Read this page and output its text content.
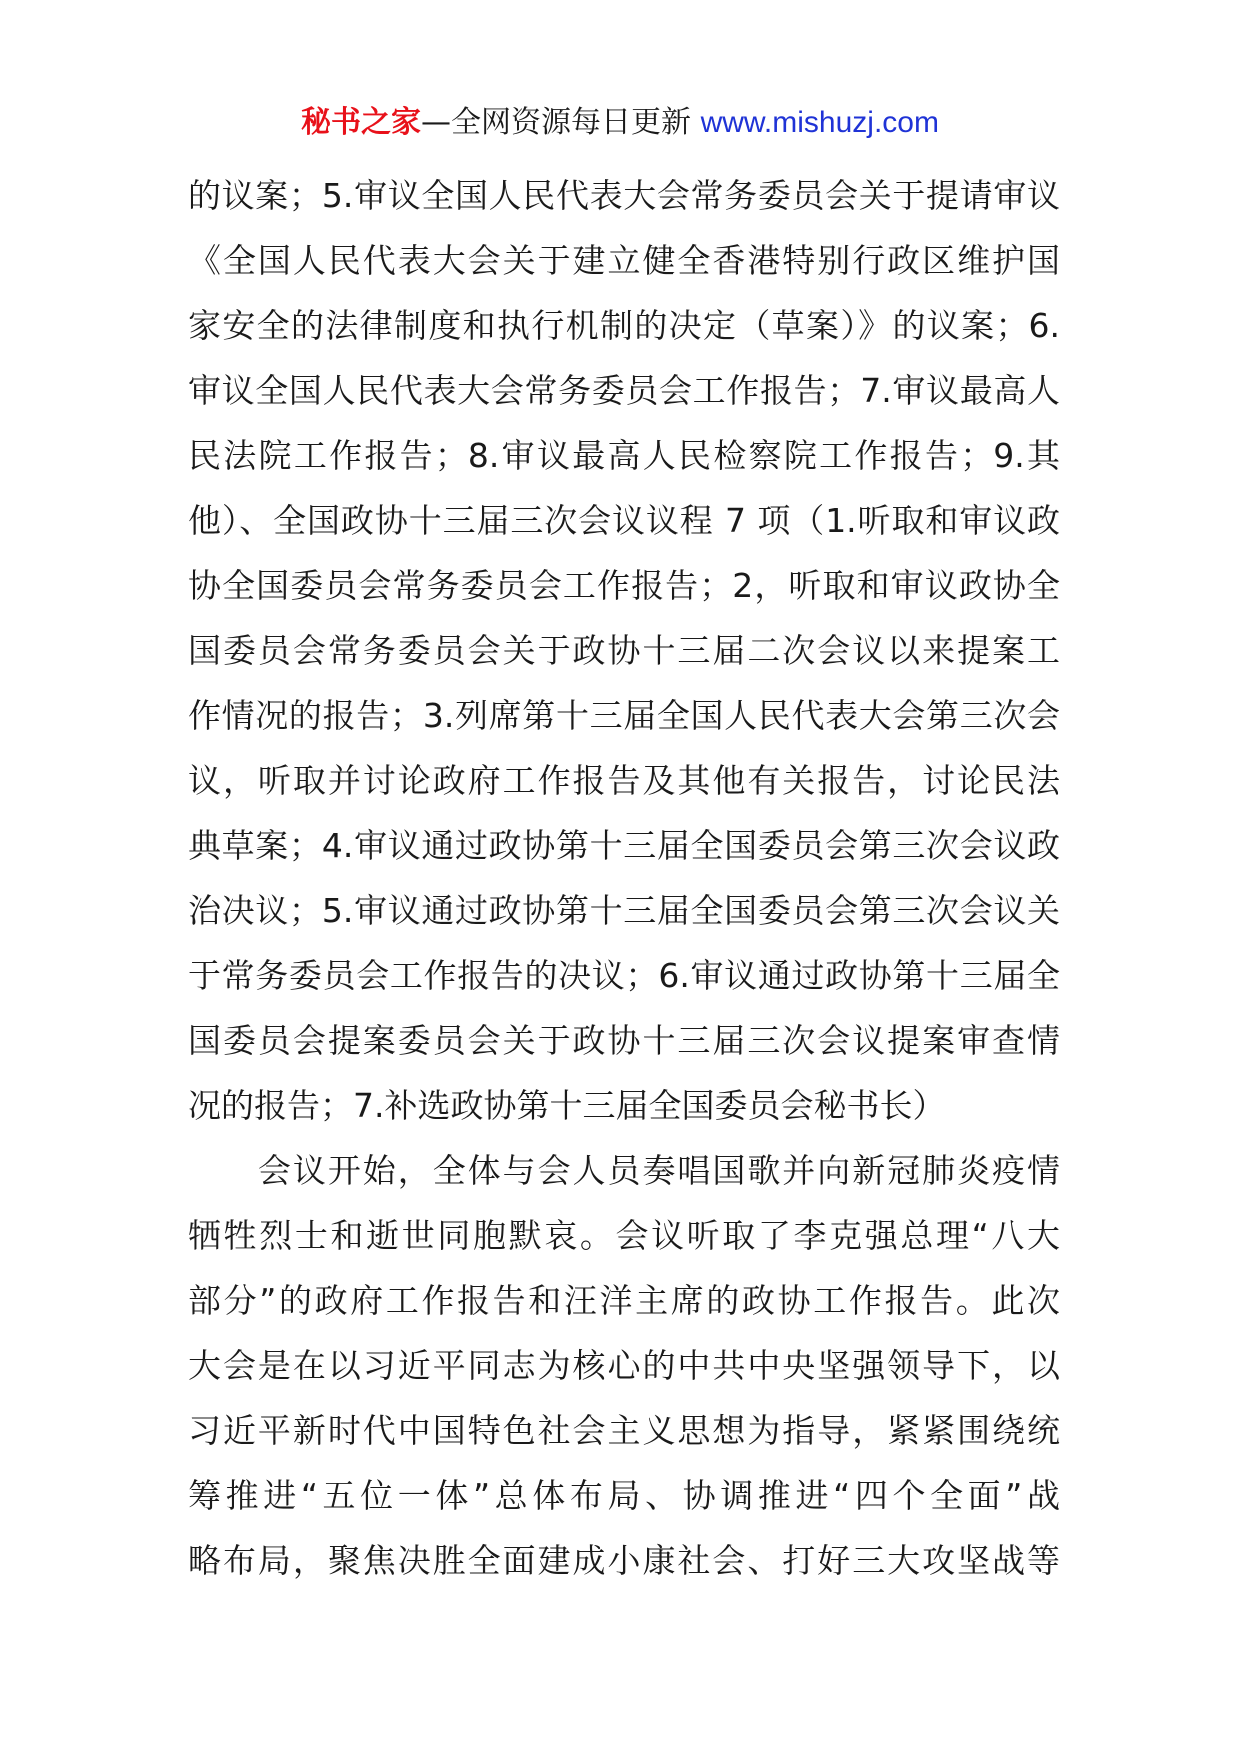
秘书之家—全网资源每日更新 www.mishuzj.com
的议案；5.审议全国人民代表大会常务委员会关于提请审议
《全国人民代表大会关于建立健全香港特别行政区维护国
家安全的法律制度和执行机制的决定（草案）》的议案；6.
审议全国人民代表大会常务委员会工作报告；7.审议最高人
民法院工作报告；8.审议最高人民检察院工作报告；9.其
他）、全国政协十三届三次会议议程 7 项（1.听取和审议政
协全国委员会常务委员会工作报告；2，听取和审议政协全
国委员会常务委员会关于政协十三届二次会议以来提案工
作情况的报告；3.列席第十三届全国人民代表大会第三次会
议，听取并讨论政府工作报告及其他有关报告，讨论民法
典草案；4.审议通过政协第十三届全国委员会第三次会议政
治决议；5.审议通过政协第十三届全国委员会第三次会议关
于常务委员会工作报告的决议；6.审议通过政协第十三届全
国委员会提案委员会关于政协十三届三次会议提案审查情
况的报告；7.补选政协第十三届全国委员会秘书长）
　　会议开始，全体与会人员奏唱国歌并向新冠肺炎疫情
牺牲烈士和逝世同胞默哀。会议听取了李克强总理“八大
部分”的政府工作报告和汪洋主席的政协工作报告。此次
大会是在以习近平同志为核心的中共中央坚强领导下，以
习近平新时代中国特色社会主义思想为指导，紧紧围绕统
筹推进“五位一体”总体布局、协调推进“四个全面”战
略布局，聚焦决胜全面建成小康社会、打好三大攻坚战等
